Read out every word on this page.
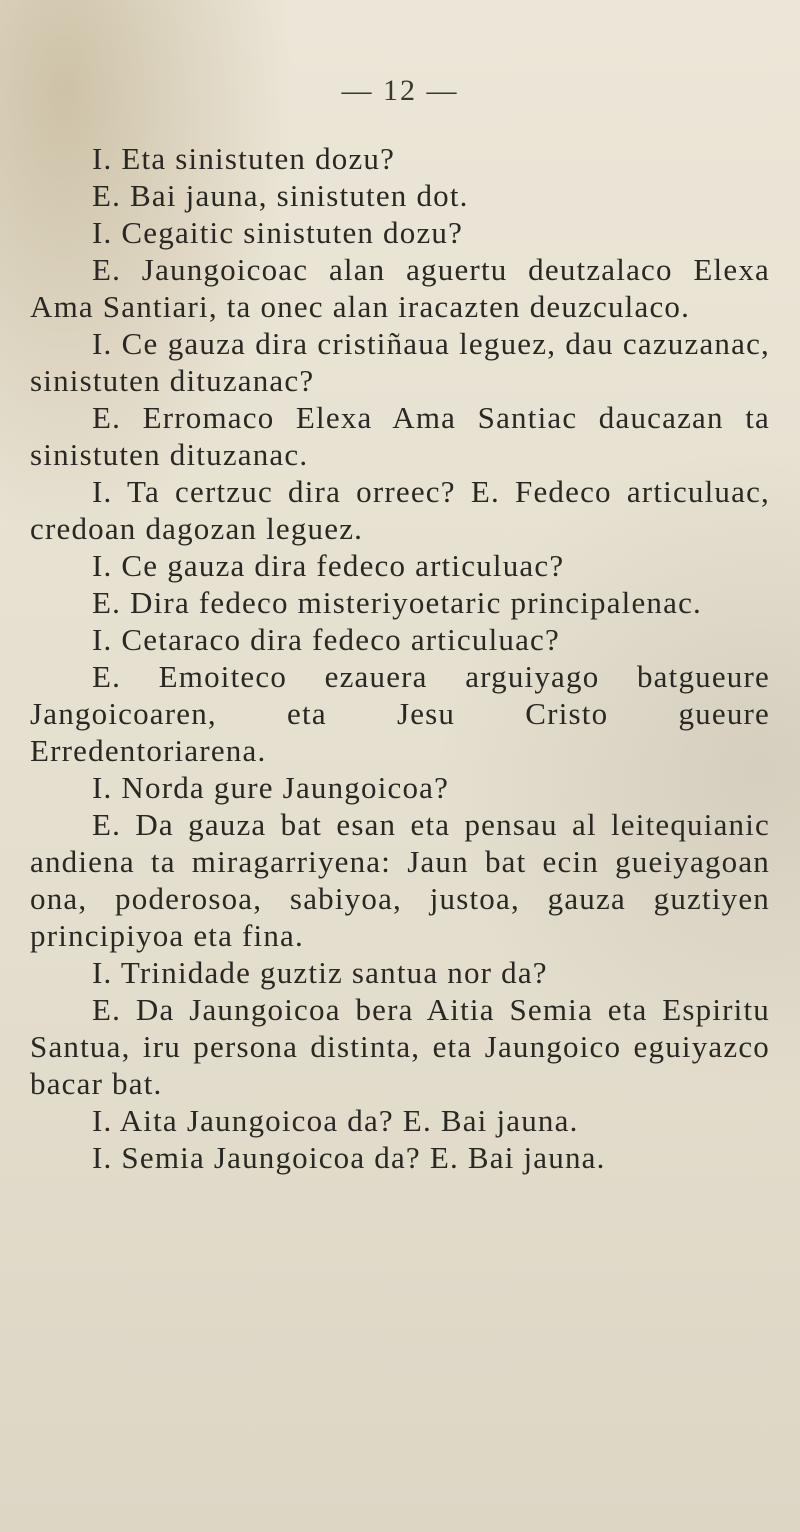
— 12 —

I. Eta sinistuten dozu?

E. Bai jauna, sinistuten dot.

I. Cegaitic sinistuten dozu?

E. Jaungoicoac alan aguertu deutzalaco Elexa Ama Santiari, ta onec alan iracazten deuzculaco.

I. Ce gauza dira cristiñaua leguez, dau cazuzanac, sinistuten dituzanac?

E. Erromaco Elexa Ama Santiac daucazan ta sinistuten dituzanac.

I. Ta certzuc dira orreec? E. Fedeco articuluac, credoan dagozan leguez.

I. Ce gauza dira fedeco articuluac?

E. Dira fedeco misteriyoetaric principalenac.

I. Cetaraco dira fedeco articuluac?

E. Emoiteco ezauera arguiyago batgueure Jangoicoaren, eta Jesu Cristo gueure Erredentoriarena.

I. Norda gure Jaungoicoa?

E. Da gauza bat esan eta pensau al leitequianic andiena ta miragarriyena: Jaun bat ecin gueiyagoan ona, poderosoa, sabiyoa, justoa, gauza guztiyen principiyoa eta fina.

I. Trinidade guztiz santua nor da?

E. Da Jaungoicoa bera Aitia Semia eta Espiritu Santua, iru persona distinta, eta Jaungoico eguiyazco bacar bat.

I. Aita Jaungoicoa da? E. Bai jauna.

I. Semia Jaungoicoa da? E. Bai jauna.
